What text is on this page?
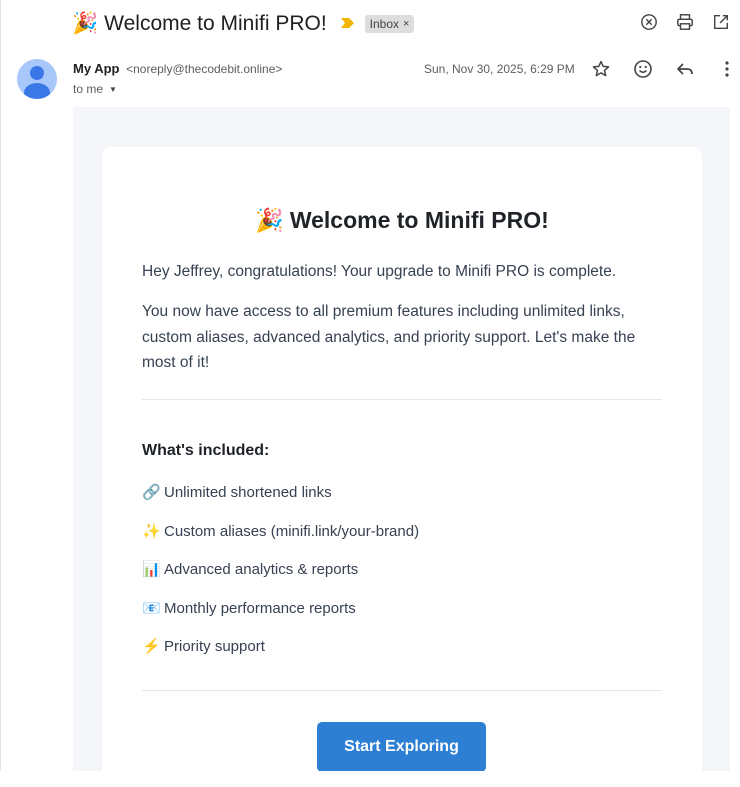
🎉 Welcome to Minifi PRO!	Inbox ×
My App <noreply@thecodebit.online>
to me ▼
Sun, Nov 30, 2025, 6:29 PM
🎉 Welcome to Minifi PRO!

Hey Jeffrey, congratulations! Your upgrade to Minifi PRO is complete.

You now have access to all premium features including unlimited links, custom aliases, advanced analytics, and priority support. Let's make the most of it!

What's included:
🔗 Unlimited shortened links
✨ Custom aliases (minifi.link/your-brand)
📊 Advanced analytics & reports
📧 Monthly performance reports
⚡ Priority support
Start Exploring
